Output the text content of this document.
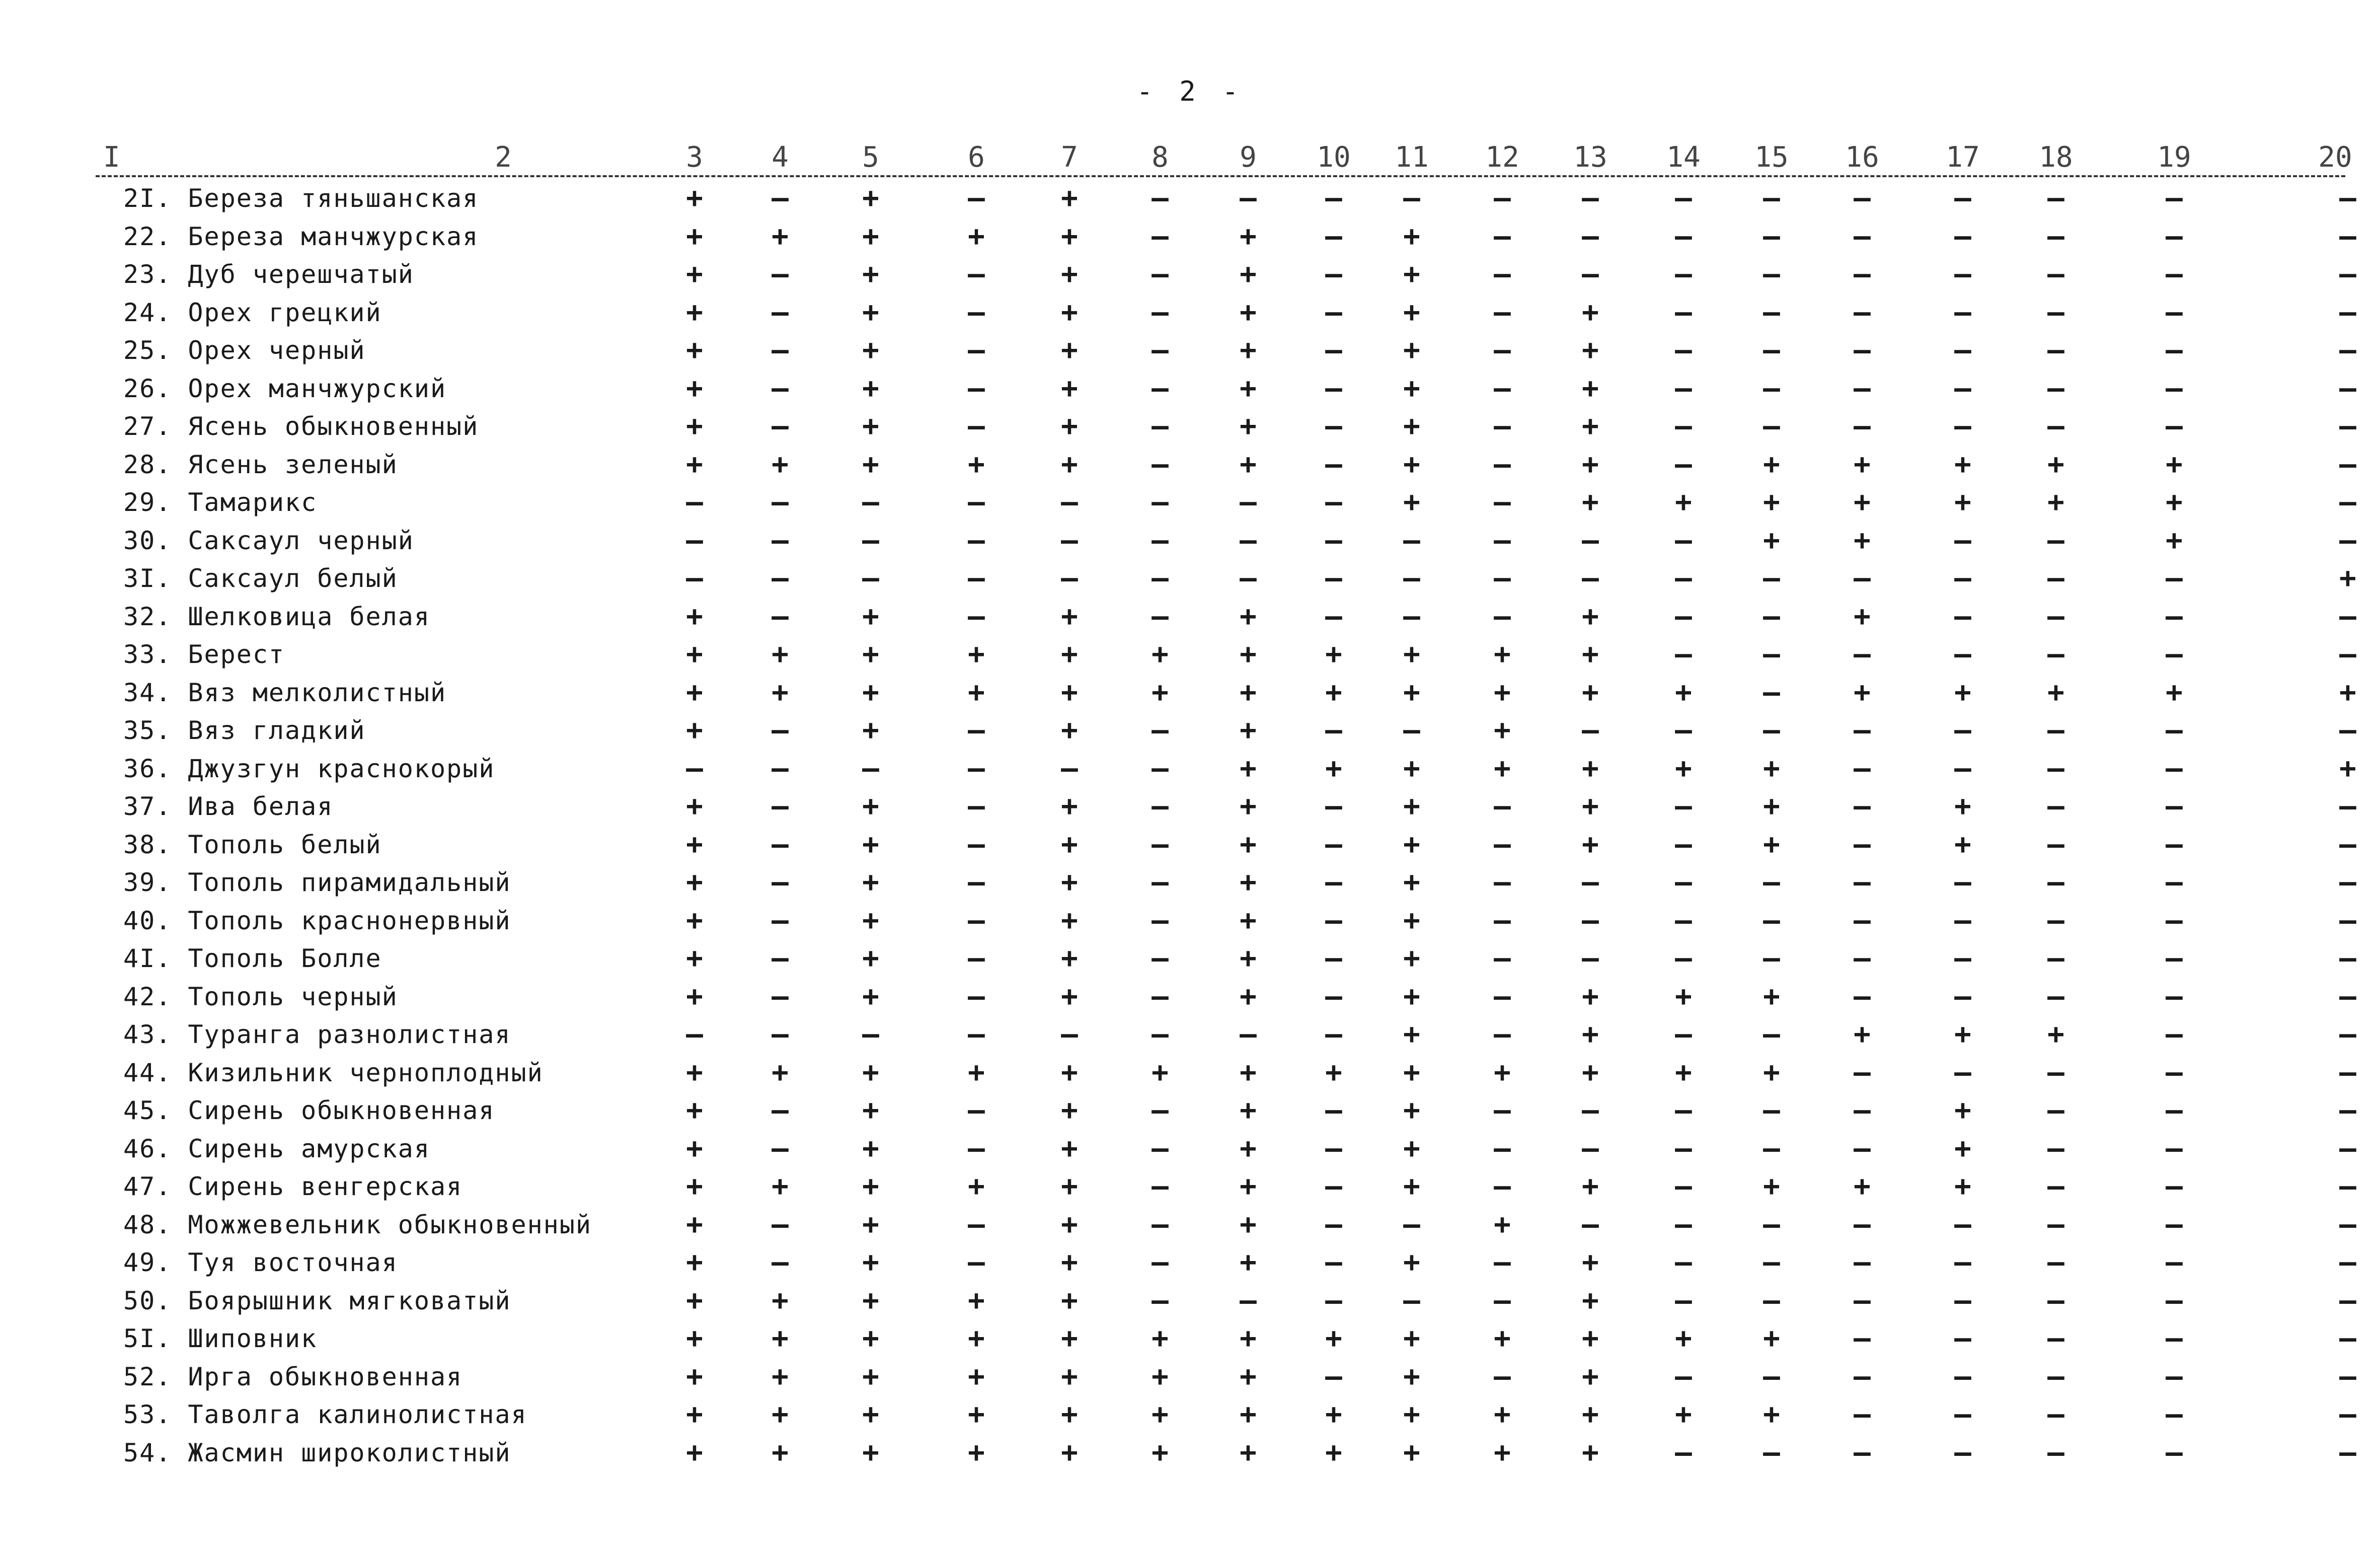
- 2 -
I	2	3 4	5	6	7	8	9 10 11 12 13 14 15 16 17 18	19	20
2I. Береза тяньшанская	+ –	+	–	+	–	– – –	–	–	–	–	–	–	–	–	–
22. Береза манчжурская	+ +	+	+	+	–	+ – +	–	–	–	–	–	–	–	–	–
23. Дуб черешчатый	+ –	+	–	+	–	+ – +	–	–	–	–	–	–	–	–	–
24. Орех грецкий	+ –	+	–	+	–	+ – +	–	+	–	–	–	–	–	–	–
25. Орех черный	+ –	+	–	+	–	+ – +	–	+	–	–	–	–	–	–	–
26. Орех манчжурский	+ –	+	–	+	–	+ – +	–	+	–	–	–	–	–	–	–
27. Ясень обыкновенный	+ –	+	–	+	–	+ – +	–	+	–	–	–	–	–	–	–
28. Ясень зеленый	+ +	+	+	+	–	+ – +	–	+	–	+	+	+	+	+	–
29. Тамарикс	– –	–	–	–	–	– – +	–	+	+	+	+	+	+	+	–
30. Саксаул черный	– –	–	–	–	–	– – –	–	–	–	+	+	–	–	+	–
3I. Саксаул белый	– –	–	–	–	–	– – –	–	–	–	–	–	–	–	–	+
32. Шелковица белая	+ –	+	–	+	–	+ – –	–	+	–	–	+	–	–	–	–
33. Берест	+ +	+	+	+	+	+ + +	+	+	–	–	–	–	–	–	–
34. Вяз мелколистный	+ +	+	+	+	+	+ + +	+	+	+	–	+	+	+	+	+
35. Вяз гладкий	+ –	+	–	+	–	+ – –	+	–	–	–	–	–	–	–	–
36. Джузгун краснокорый	– –	–	–	–	–	+ + +	+	+	+	+	–	–	–	–	+
37. Ива белая	+ –	+	–	+	–	+ – +	–	+	–	+	–	+	–	–	–
38. Тополь белый	+ –	+	–	+	–	+ – +	–	+	–	+	–	+	–	–	–
39. Тополь пирамидальный	+ –	+	–	+	–	+ – +	–	–	–	–	–	–	–	–	–
40. Тополь краснонервный	+ –	+	–	+	–	+ – +	–	–	–	–	–	–	–	–	–
4I. Тополь Болле	+ –	+	–	+	–	+ – +	–	–	–	–	–	–	–	–	–
42. Тополь черный	+ –	+	–	+	–	+ – +	–	+	+	+	–	–	–	–	–
43. Туранга разнолистная	– –	–	–	–	–	– – +	–	+	–	–	+	+	+	–	–
44. Кизильник черноплодный	+ +	+	+	+	+	+ + +	+	+	+	+	–	–	–	–	–
45. Сирень обыкновенная	+ –	+	–	+	–	+ – +	–	–	–	–	–	+	–	–	–
46. Сирень амурская	+ –	+	–	+	–	+ – +	–	–	–	–	–	+	–	–	–
47. Сирень венгерская	+ +	+	+	+	–	+ – +	–	+	–	+	+	+	–	–	–
48. Можжевельник обыкновенный	+ –	+	–	+	–	+ – –	+	–	–	–	–	–	–	–	–
49. Туя восточная	+ –	+	–	+	–	+ – +	–	+	–	–	–	–	–	–	–
50. Боярышник мягковатый	+ +	+	+	+	–	– – –	–	+	–	–	–	–	–	–	–
5I. Шиповник	+ +	+	+	+	+	+ + +	+	+	+	+	–	–	–	–	–
52. Ирга обыкновенная	+ +	+	+	+	+	+ – +	–	+	–	–	–	–	–	–	–
53. Таволга калинолистная	+ +	+	+	+	+	+ + +	+	+	+	+	–	–	–	–	–
54. Жасмин широколистный	+ +	+	+	+	+	+ + +	+	+	–	–	–	–	–	–	–
